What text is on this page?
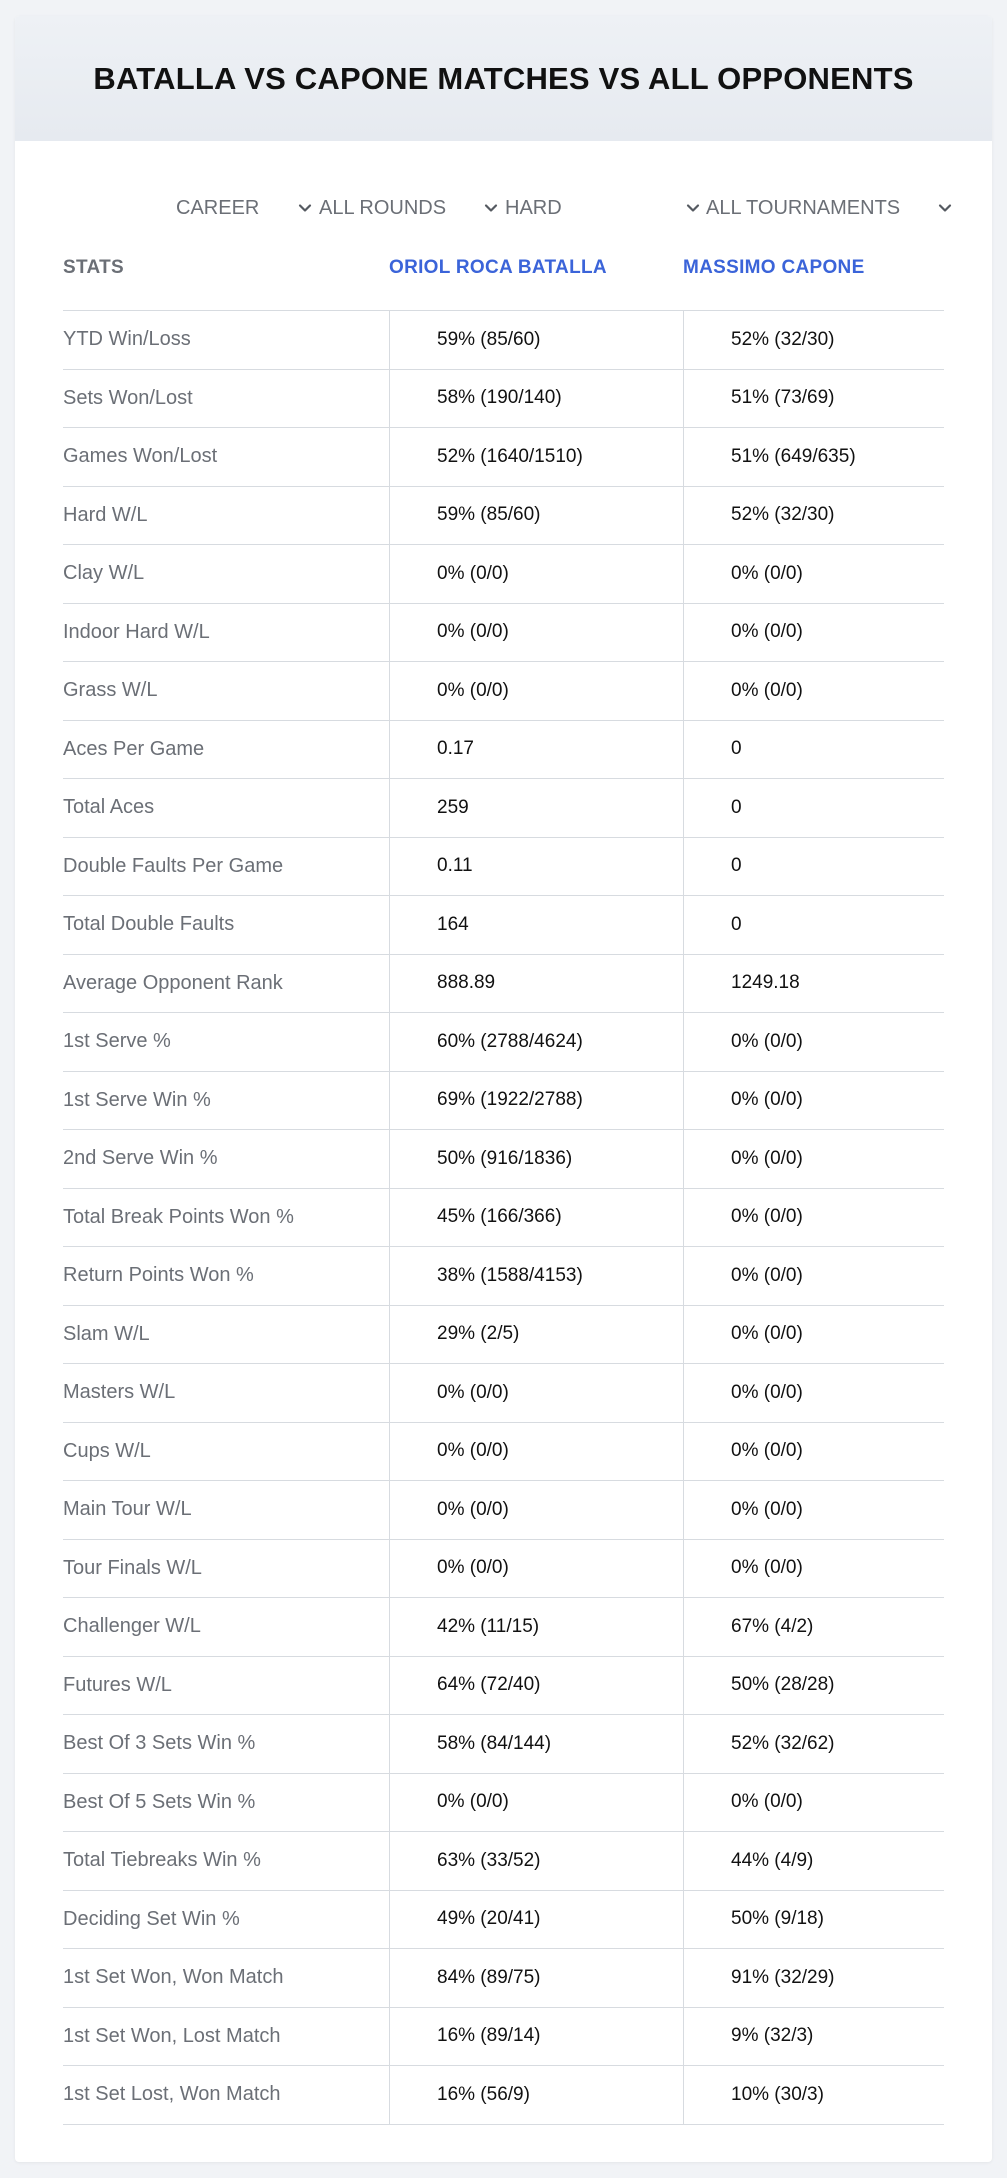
BATALLA VS CAPONE MATCHES VS ALL OPPONENTS
CAREER	ALL ROUNDS	HARD	ALL TOURNAMENTS
STATS	ORIOL ROCA BATALLA	MASSIMO CAPONE
YTD Win/Loss	59% (85/60)	52% (32/30)
Sets Won/Lost	58% (190/140)	51% (73/69)
Games Won/Lost	52% (1640/1510)	51% (649/635)
Hard W/L	59% (85/60)	52% (32/30)
Clay W/L	0% (0/0)	0% (0/0)
Indoor Hard W/L	0% (0/0)	0% (0/0)
Grass W/L	0% (0/0)	0% (0/0)
Aces Per Game	0.17	0
Total Aces	259	0
Double Faults Per Game	0.11	0
Total Double Faults	164	0
Average Opponent Rank	888.89	1249.18
1st Serve %	60% (2788/4624)	0% (0/0)
1st Serve Win %	69% (1922/2788)	0% (0/0)
2nd Serve Win %	50% (916/1836)	0% (0/0)
Total Break Points Won %	45% (166/366)	0% (0/0)
Return Points Won %	38% (1588/4153)	0% (0/0)
Slam W/L	29% (2/5)	0% (0/0)
Masters W/L	0% (0/0)	0% (0/0)
Cups W/L	0% (0/0)	0% (0/0)
Main Tour W/L	0% (0/0)	0% (0/0)
Tour Finals W/L	0% (0/0)	0% (0/0)
Challenger W/L	42% (11/15)	67% (4/2)
Futures W/L	64% (72/40)	50% (28/28)
Best Of 3 Sets Win %	58% (84/144)	52% (32/62)
Best Of 5 Sets Win %	0% (0/0)	0% (0/0)
Total Tiebreaks Win %	63% (33/52)	44% (4/9)
Deciding Set Win %	49% (20/41)	50% (9/18)
1st Set Won, Won Match	84% (89/75)	91% (32/29)
1st Set Won, Lost Match	16% (89/14)	9% (32/3)
1st Set Lost, Won Match	16% (56/9)	10% (30/3)
